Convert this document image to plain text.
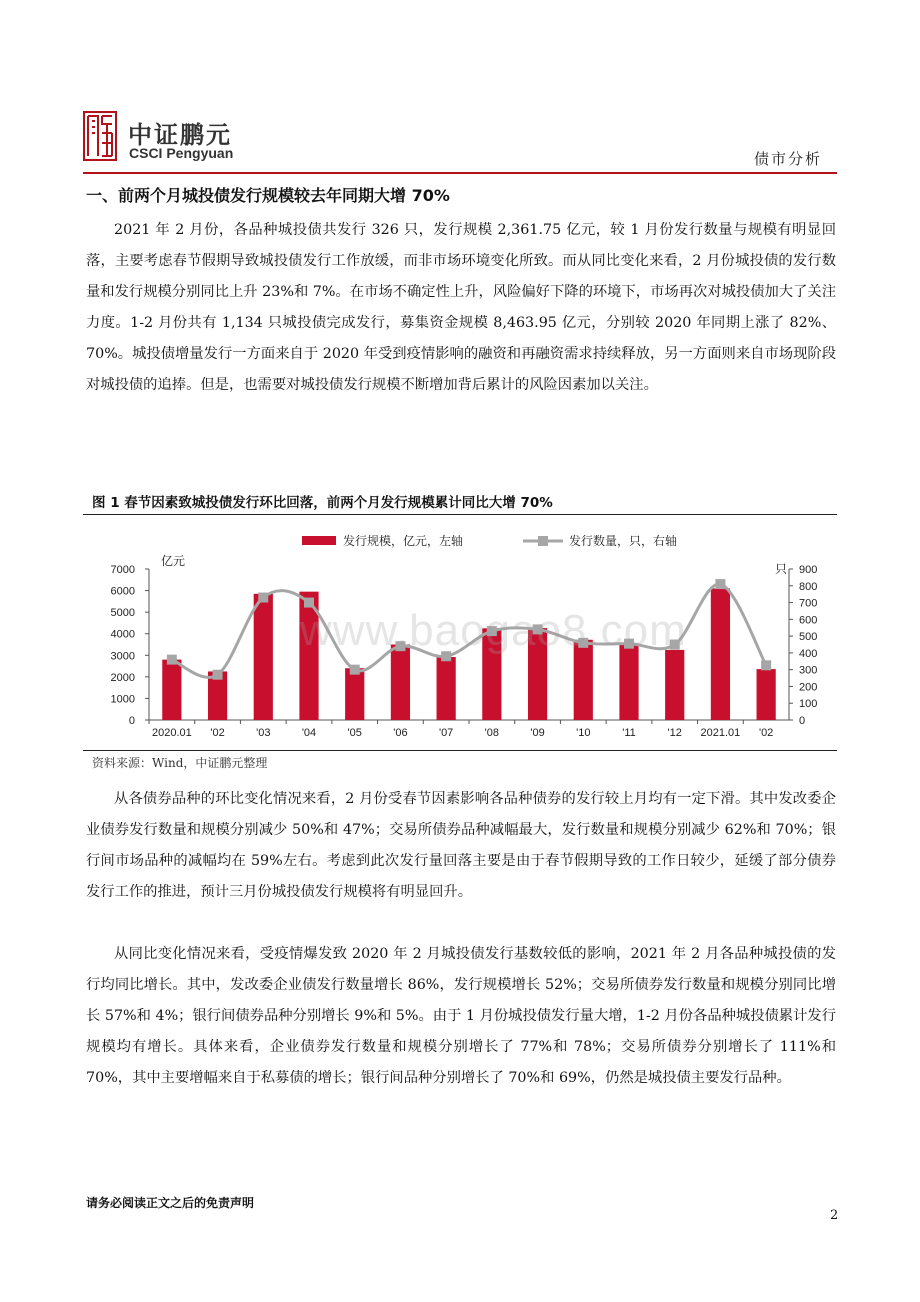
中证鹏元
CSCI Pengyuan	债市分析
一、前两个月城投债发行规模较去年同期大增 70%

2021 年 2 月份，各品种城投债共发行 326 只，发行规模 2,361.75 亿元，较 1 月份发行数量与规模有明显回落，主要考虑春节假期导致城投债发行工作放缓，而非市场环境变化所致。而从同比变化来看，2 月份城投债的发行数量和发行规模分别同比上升 23%和 7%。在市场不确定性上升，风险偏好下降的环境下，市场再次对城投债加大了关注力度。1-2 月份共有 1,134 只城投债完成发行，募集资金规模 8,463.95 亿元，分别较 2020 年同期上涨了 82%、70%。城投债增量发行一方面来自于 2020 年受到疫情影响的融资和再融资需求持续释放，另一方面则来自市场现阶段对城投债的追捧。但是，也需要对城投债发行规模不断增加背后累计的风险因素加以关注。

图 1 春节因素致城投债发行环比回落，前两个月发行规模累计同比大增 70%
0
1000
2000
3000
4000
5000
6000
7000
0
100
200
300
400
500
600
700
800
900
亿元
只
2020.01 '02	'03	'04	'05	'06	'07	'08	'09	'10	'11	'12 2021.01 '02
发行规模，亿元，左轴	发行数量，只，右轴
www.baogao8.com
资料来源：Wind，中证鹏元整理

从各债券品种的环比变化情况来看，2 月份受春节因素影响各品种债券的发行较上月均有一定下滑。其中发改委企业债券发行数量和规模分别减少 50%和 47%；交易所债券品种减幅最大，发行数量和规模分别减少 62%和 70%；银行间市场品种的减幅均在 59%左右。考虑到此次发行量回落主要是由于春节假期导致的工作日较少，延缓了部分债券发行工作的推进，预计三月份城投债发行规模将有明显回升。

从同比变化情况来看，受疫情爆发致 2020 年 2 月城投债发行基数较低的影响，2021 年 2 月各品种城投债的发行均同比增长。其中，发改委企业债发行数量增长 86%，发行规模增长 52%；交易所债券发行数量和规模分别同比增长 57%和 4%；银行间债券品种分别增长 9%和 5%。由于 1 月份城投债发行量大增，1-2 月份各品种城投债累计发行规模均有增长。具体来看，企业债券发行数量和规模分别增长了 77%和 78%；交易所债券分别增长了 111%和 70%，其中主要增幅来自于私募债的增长；银行间品种分别增长了 70%和 69%，仍然是城投债主要发行品种。

请务必阅读正文之后的免责声明
2
